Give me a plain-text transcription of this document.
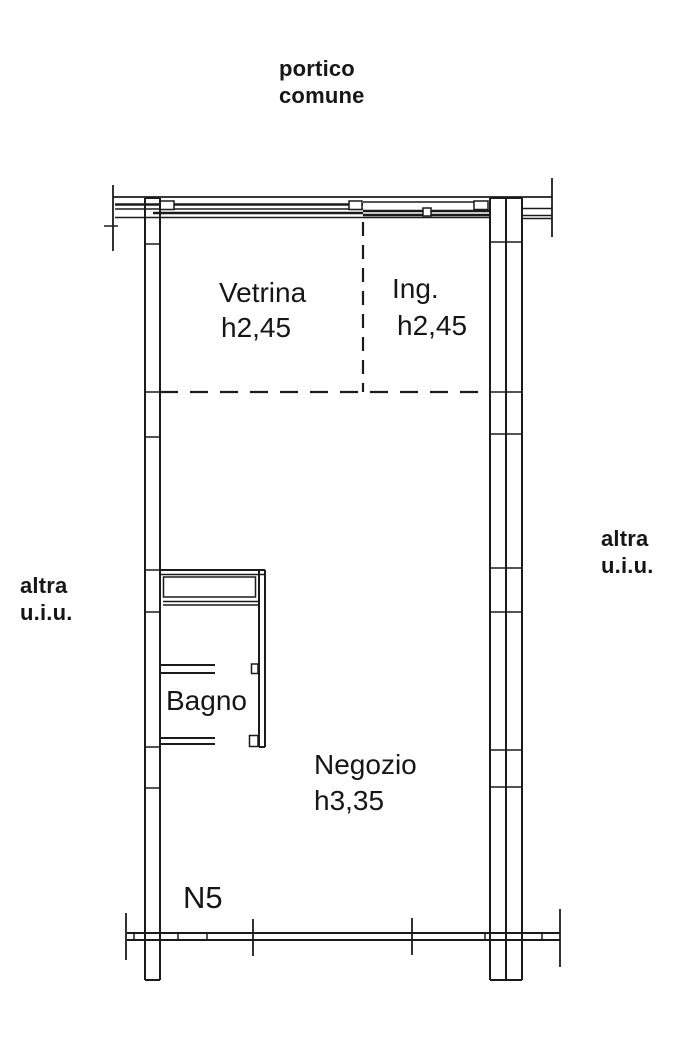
portico
comune
Vetrina
h2,45
Ing.
h2,45
altra
u.i.u.
altra
u.i.u.
Bagno
Negozio
h3,35
N5
